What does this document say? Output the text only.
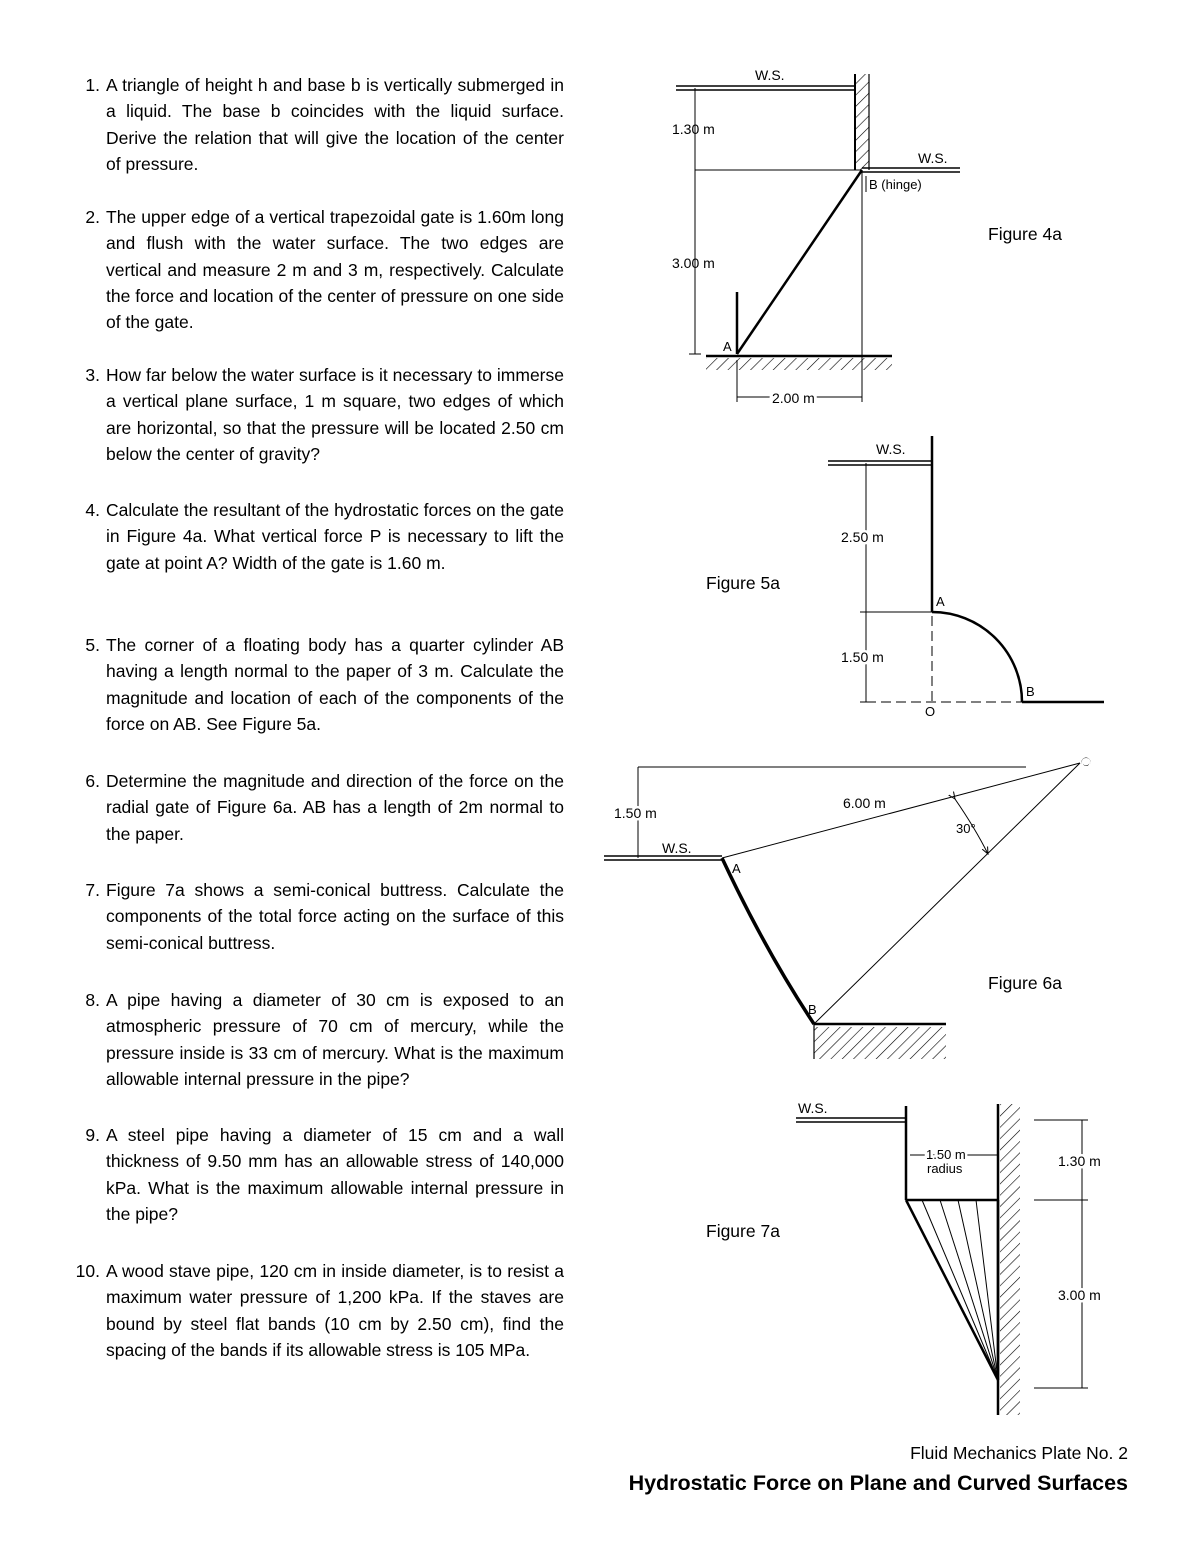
1. A triangle of height h and base b is vertically submerged in a liquid. The base b coincides with the liquid surface. Derive the relation that will give the location of the center of pressure.
2. The upper edge of a vertical trapezoidal gate is 1.60m long and flush with the water surface. The two edges are vertical and measure 2 m and 3 m, respectively. Calculate the force and location of the center of pressure on one side of the gate.
3. How far below the water surface is it necessary to immerse a vertical plane surface, 1 m square, two edges of which are horizontal, so that the pressure will be located 2.50 cm below the center of gravity?
4. Calculate the resultant of the hydrostatic forces on the gate in Figure 4a. What vertical force P is necessary to lift the gate at point A? Width of the gate is 1.60 m.
5. The corner of a floating body has a quarter cylinder AB having a length normal to the paper of 3 m. Calculate the magnitude and location of each of the components of the force on AB. See Figure 5a.
6. Determine the magnitude and direction of the force on the radial gate of Figure 6a. AB has a length of 2m normal to the paper.
7. Figure 7a shows a semi-conical buttress. Calculate the components of the total force acting on the surface of this semi-conical buttress.
8. A pipe having a diameter of 30 cm is exposed to an atmospheric pressure of 70 cm of mercury, while the pressure inside is 33 cm of mercury. What is the maximum allowable internal pressure in the pipe?
9. A steel pipe having a diameter of 15 cm and a wall thickness of 9.50 mm has an allowable stress of 140,000 kPa. What is the maximum allowable internal pressure in the pipe?
10. A wood stave pipe, 120 cm in inside diameter, is to resist a maximum water pressure of 1,200 kPa. If the staves are bound by steel flat bands (10 cm by 2.50 cm), find the spacing of the bands if its allowable stress is 105 MPa.
Figure 4a
Figure 5a
Figure 6a
Figure 7a
W.S.
W.S.
1.30 m
3.00 m
2.00 m
A
B (hinge)
W.S.
2.50 m
1.50 m
A
B
O
O
1.50 m
W.S.
6.00 m
30°
A
B
W.S.
1.50 m
radius	1.30 m
3.00 m
Fluid Mechanics Plate No. 2
Hydrostatic Force on Plane and Curved Surfaces
